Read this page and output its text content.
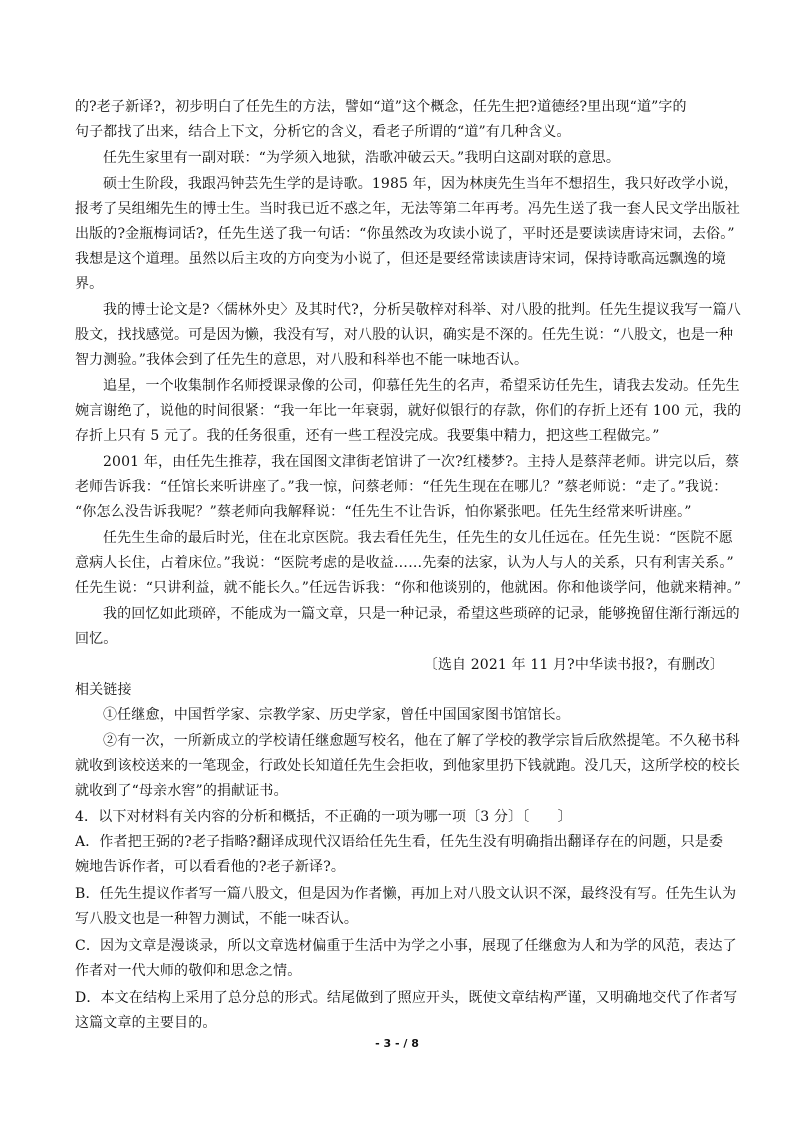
的?老子新译?，初步明白了任先生的方法，譬如“道”这个概念，任先生把?道德经?里出现“道”字的
句子都找了出来，结合上下文，分析它的含义，看老子所谓的“道”有几种含义。
任先生家里有一副对联：“为学须入地狱，浩歌冲破云天。”我明白这副对联的意思。
硕士生阶段，我跟冯钟芸先生学的是诗歌。1985 年，因为林庚先生当年不想招生，我只好改学小说，
报考了吴组缃先生的博士生。当时我已近不惑之年，无法等第二年再考。冯先生送了我一套人民文学出版社
出版的?金瓶梅词话?，任先生送了我一句话：“你虽然改为攻读小说了，平时还是要读读唐诗宋词，去俗。”
我想是这个道理。虽然以后主攻的方向变为小说了，但还是要经常读读唐诗宋词，保持诗歌高远飘逸的境
界。
我的博士论文是?〈儒林外史〉及其时代?，分析吴敬梓对科举、对八股的批判。任先生提议我写一篇八
股文，找找感觉。可是因为懒，我没有写，对八股的认识，确实是不深的。任先生说：“八股文，也是一种
智力测验。”我体会到了任先生的意思，对八股和科举也不能一味地否认。
追星，一个收集制作名师授课录像的公司，仰慕任先生的名声，希望采访任先生，请我去发动。任先生
婉言谢绝了，说他的时间很紧：“我一年比一年衰弱，就好似银行的存款，你们的存折上还有 100 元，我的
存折上只有 5 元了。我的任务很重，还有一些工程没完成。我要集中精力，把这些工程做完。”
2001 年，由任先生推荐，我在国图文津街老馆讲了一次?红楼梦?。主持人是蔡萍老师。讲完以后，蔡
老师告诉我：“任馆长来听讲座了。”我一惊，问蔡老师：“任先生现在在哪儿？”蔡老师说：“走了。”我说：
“你怎么没告诉我呢？”蔡老师向我解释说：“任先生不让告诉，怕你紧张吧。任先生经常来听讲座。”
任先生生命的最后时光，住在北京医院。我去看任先生，任先生的女儿任远在。任先生说：“医院不愿
意病人长住，占着床位。”我说：“医院考虑的是收益……先秦的法家，认为人与人的关系，只有利害关系。”
任先生说：“只讲利益，就不能长久。”任远告诉我：“你和他谈别的，他就困。你和他谈学问，他就来精神。”
我的回忆如此琐碎，不能成为一篇文章，只是一种记录，希望这些琐碎的记录，能够挽留住渐行渐远的
回忆。
〔选自 2021 年 11 月?中华读书报?，有删改〕
相关链接
①任继愈，中国哲学家、宗教学家、历史学家，曾任中国国家图书馆馆长。
②有一次，一所新成立的学校请任继愈题写校名，他在了解了学校的教学宗旨后欣然提笔。不久秘书科
就收到该校送来的一笔现金，行政处长知道任先生会拒收，到他家里扔下钱就跑。没几天，这所学校的校长
就收到了“母亲水窖”的捐献证书。
4．以下对材料有关内容的分析和概括，不正确的一项为哪一项〔3 分〕〔　　〕
A．作者把王弼的?老子指略?翻译成现代汉语给任先生看，任先生没有明确指出翻译存在的问题，只是委
婉地告诉作者，可以看看他的?老子新译?。
B．任先生提议作者写一篇八股文，但是因为作者懒，再加上对八股文认识不深，最终没有写。任先生认为
写八股文也是一种智力测试，不能一味否认。
C．因为文章是漫谈录，所以文章选材偏重于生活中为学之小事，展现了任继愈为人和为学的风范，表达了
作者对一代大师的敬仰和思念之情。
D．本文在结构上采用了总分总的形式。结尾做到了照应开头，既使文章结构严谨，又明确地交代了作者写
这篇文章的主要目的。
- 3 - / 8
